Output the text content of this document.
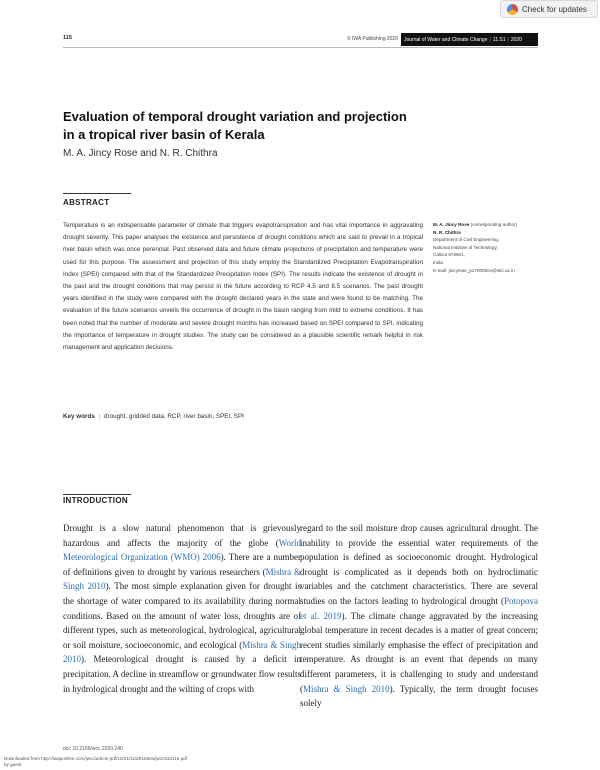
Check for updates
115	© IWA Publishing 2020 Journal of Water and Climate Change | 11.S1 | 2020
Evaluation of temporal drought variation and projection
in a tropical river basin of Kerala
M. A. Jincy Rose and N. R. Chithra
ABSTRACT
Temperature is an indispensable parameter of climate that triggers evapotranspiration and has vital importance in aggravating drought severity. This paper analyses the existence and persistence of drought conditions which are said to prevail in a tropical river basin which was once perennial. Past observed data and future climate projections of precipitation and temperature were used for this purpose. The assessment and projection of this study employ the Standardized Precipitation Evapotranspiration Index (SPEI) compared with that of the Standardized Precipitation Index (SPI). The results indicate the existence of drought in the past and the drought conditions that may persist in the future according to RCP 4.5 and 8.5 scenarios. The past drought years identified in the study were compared with the drought declared years in the state and were found to be matching. The evaluation of the future scenarios unveils the occurrence of drought in the basin ranging from mild to extreme conditions. It has been noted that the number of moderate and severe drought months has increased based on SPEI compared to SPI, indicating the importance of temperature in drought studies. The study can be considered as a plausible scientific remark helpful in risk management and application decisions.
Key words | drought, gridded data, RCP, river basin, SPEI, SPI
M. A. Jincy Rose (corresponding author)
N. R. Chithra
Department of Civil Engineering,
National Institute of Technology,
Calicut 673601,
India
E-mail: jincyrose_p170006ce@nitc.ac.in
INTRODUCTION
Drought is a slow natural phenomenon that is grievously hazardous and affects the majority of the globe (World Meteorological Organization (WMO) 2006). There are a number of definitions given to drought by various researchers (Mishra & Singh 2010). The most simple explanation given for drought is the shortage of water compared to its availability during normal conditions. Based on the amount of water loss, droughts are of different types, such as meteorological, hydrological, agricultural or soil moisture, socioeconomic, and ecological (Mishra & Singh 2010). Meteorological drought is caused by a deficit in precipitation. A decline in streamflow or groundwater flow results in hydrological drought and the wilting of crops with
regard to the soil moisture drop causes agricultural drought. The inability to provide the essential water requirements of the population is defined as socioeconomic drought. Hydrological drought is complicated as it depends both on hydroclimatic variables and the catchment characteristics. There are several studies on the factors leading to hydrological drought (Potopova et al. 2019). The climate change aggravated by the increasing global temperature in recent decades is a matter of great concern; recent studies similarly emphasise the effect of precipitation and temperature. As drought is an event that depends on many different parameters, it is challenging to study and understand (Mishra & Singh 2010). Typically, the term drought focuses solely
doi: 10.2166/wcc.2020.240
Downloaded from http://iwaponline.com/jwcc/article-pdf/11/S1/115/816604/jwc0110115.pdf
by guest
